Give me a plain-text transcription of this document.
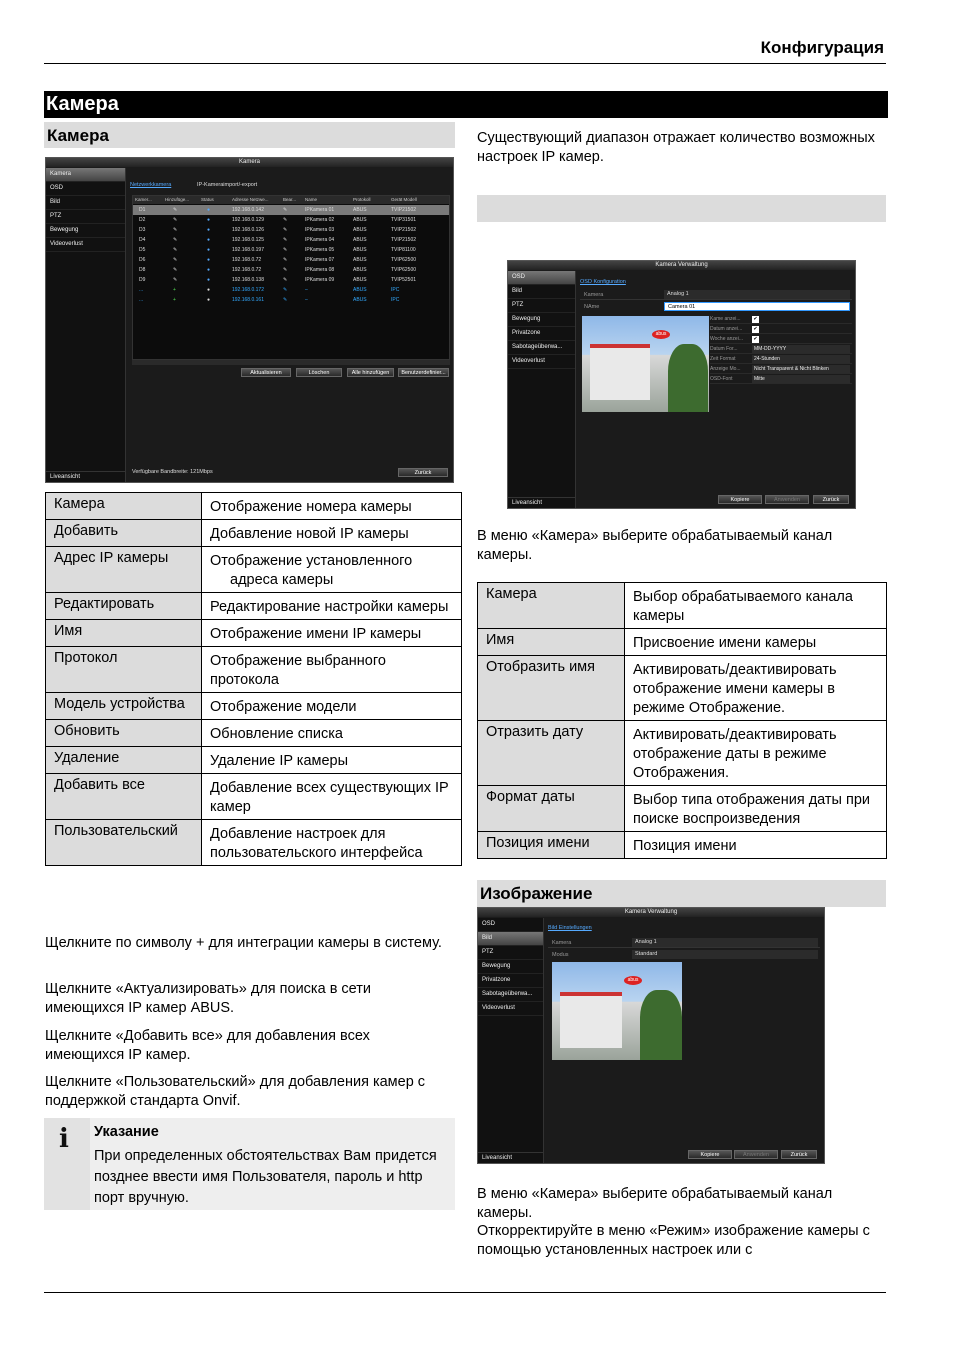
Конфигурация
Камера
Камера
Kamera
Kamera
OSD
Bild
PTZ
Bewegung
Videoverlust
Liveansicht
Netzwerkkamera	IP-Kameraimport/-export
Kamer...	Hinzufüge...	Status	Adresse Netzwe...	Bear... Name	Protokoll	Gerät Modell
D1	✎	●	192.168.0.142	✎	IPKamera 01	ABUS	TVIP21502
D2	✎	●	192.168.0.129	✎	IPKamera 02	ABUS	TVIP31501
D3	✎	●	192.168.0.126	✎	IPKamera 03	ABUS	TVIP21502
D4	✎	●	192.168.0.125	✎	IPKamera 04	ABUS	TVIP21502
D5	✎	●	192.168.0.197	✎	IPKamera 05	ABUS	TVIP81100
D6	✎	●	192.168.0.72	✎	IPKamera 07	ABUS	TVIP62500
D8	✎	●	192.168.0.72	✎	IPKamera 08	ABUS	TVIP62500
D9	✎	●	192.168.0.138	✎	IPKamera 09	ABUS	TVIP52501
...	+	●	192.168.0.172	✎	–	ABUS	IPC
...	+	●	192.168.0.161	✎	–	ABUS	IPC
Aktualisieren	Löschen	Alle hinzufügen	Benutzerdefinier...
Verfügbare Bandbreite: 121Mbps	Zurück
Камера	Отображение номера камеры
Добавить	Добавление новой IP камеры
Адрес IP камеры	Отображение установленного адреса камеры

Редактировать	Редактирование настройки камеры
Имя	Отображение имени IP камеры
Протокол	Отображение выбранного протокола
Модель устройства	Отображение модели
Обновить	Обновление списка
Удаление	Удаление IP камеры
Добавить все	Добавление всех существующих IP камер
Пользовательский	Добавление настроек для пользовательского интерфейса
Щелкните по символу + для интеграции камеры в систему.
Щелкните «Актуализировать» для поиска в сети имеющихся IP камер ABUS.
Щелкните «Добавить все» для добавления всех имеющихся IP камер.
Щелкните «Пользовательский» для добавления камер с поддержкой стандарта Onvif.
i Указание
При определенных обстоятельствах Вам придется позднее ввести имя Пользователя, пароль и http порт вручную.
Существующий диапазон отражает количество возможных настроек IP камер.
Kamera Verwaltung
OSD
Bild
PTZ
Bewegung
Privatzone
Sabotageüberwa...
Videoverlust
Liveansicht
OSD Konfiguration
Kamera	Analog 1
NAme	Camera 01
abus
Kame anzei...	✔
Datum anzei... ✔
Woche anzei... ✔
Datum For...	MM-DD-YYYY
Zeit Format	24-Stunden
Anzeige Mo...	Nicht Transparent & Nicht Blinken
OSD-Font	Mitte
Kopiere	Anwenden	Zurück
В меню «Камера» выберите обрабатываемый канал камеры.
Камера	Выбор обрабатываемого канала камеры
Имя	Присвоение имени камеры
Отобразить имя	Активировать/деактивировать отображение имени камеры в режиме Отображение.
Отразить дату	Активировать/деактивировать отображение даты в режиме Отображения.
Формат даты	Выбор типа отображения даты при поиске воспроизведения
Позиция имени	Позиция имени
Изображение
Kamera Verwaltung
OSD
Bild
PTZ
Bewegung
Privatzone
Sabotageüberwa...
Videoverlust
Liveansicht
Bild Einstellungen
Kamera	Analog 1
Modus	Standard
abus
Kopiere	Anwenden	Zurück
В меню «Камера» выберите обрабатываемый канал камеры.
Откорректируйте в меню «Режим» изображение камеры с помощью установленных настроек или с
